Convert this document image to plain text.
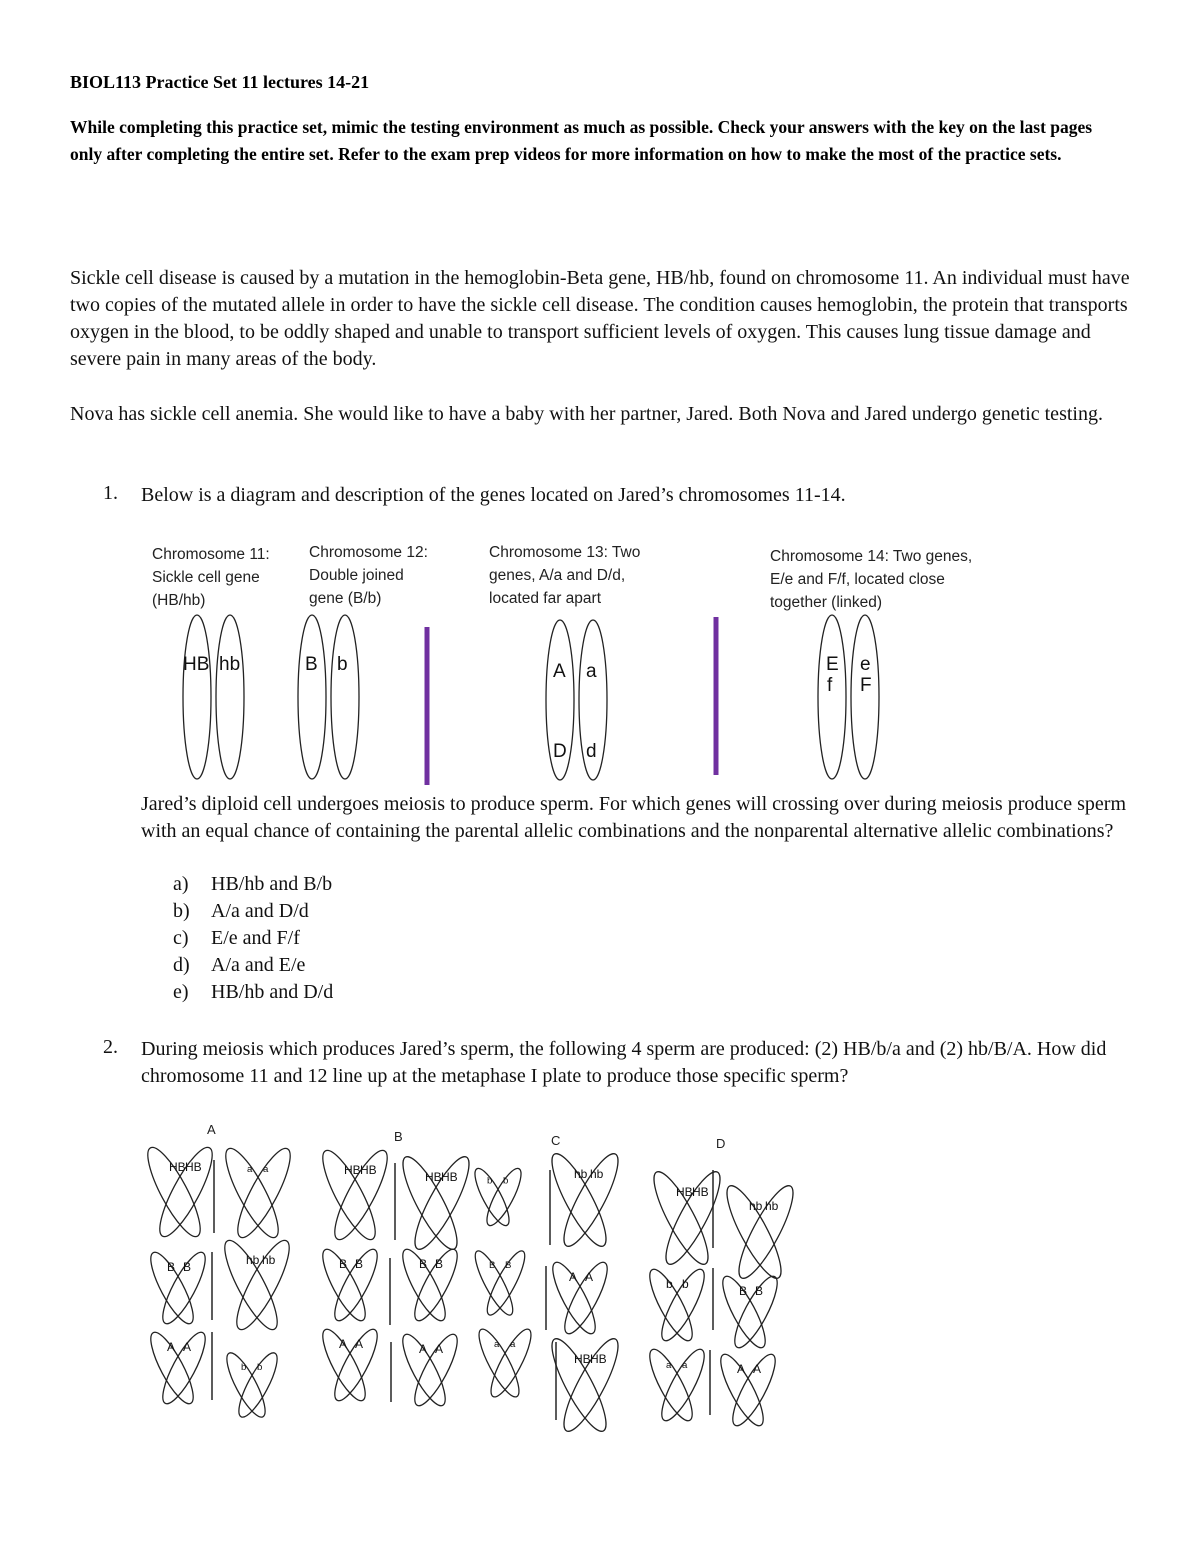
BIOL113 Practice Set 11 lectures 14-21
While completing this practice set, mimic the testing environment as much as possible. Check your answers with the key on the last pages only after completing the entire set. Refer to the exam prep videos for more information on how to make the most of the practice sets.
Sickle cell disease is caused by a mutation in the hemoglobin-Beta gene, HB/hb, found on chromosome 11. An individual must have two copies of the mutated allele in order to have the sickle cell disease. The condition causes hemoglobin, the protein that transports oxygen in the blood, to be oddly shaped and unable to transport sufficient levels of oxygen. This causes lung tissue damage and severe pain in many areas of the body.
Nova has sickle cell anemia. She would like to have a baby with her partner, Jared. Both Nova and Jared undergo genetic testing.
1. Below is a diagram and description of the genes located on Jared’s chromosomes 11-14.
Chromosome 11:
Sickle cell gene
(HB/hb)
Chromosome 12:
Double joined
gene (B/b)
Chromosome 13: Two
genes, A/a and D/d,
located far apart
Chromosome 14: Two genes,
E/e and F/f, located close
together (linked)
HB hb	B b	A a
D d
E e
f F
Jared’s diploid cell undergoes meiosis to produce sperm. For which genes will crossing over during meiosis produce sperm with an equal chance of containing the parental allelic combinations and the nonparental alternative allelic combinations?
a)	HB/hb and B/b
b)	A/a and D/d
c)	E/e and F/f
d)	A/a and E/e
e)	HB/hb and D/d
2. During meiosis which produces Jared’s sperm, the following 4 sperm are produced: (2) HB/b/a and (2) hb/B/A. How did chromosome 11 and 12 line up at the metaphase I plate to produce those specific sperm?
A	B	C	D
HB HB	a a
B B
hb hb
A A
b b
HB HB
HB HB	b b
B B	B B	B B
A A	A A	a a
hb hb
A A
HB HB
HB HB
hb hb
b b	B B
a a	A A
